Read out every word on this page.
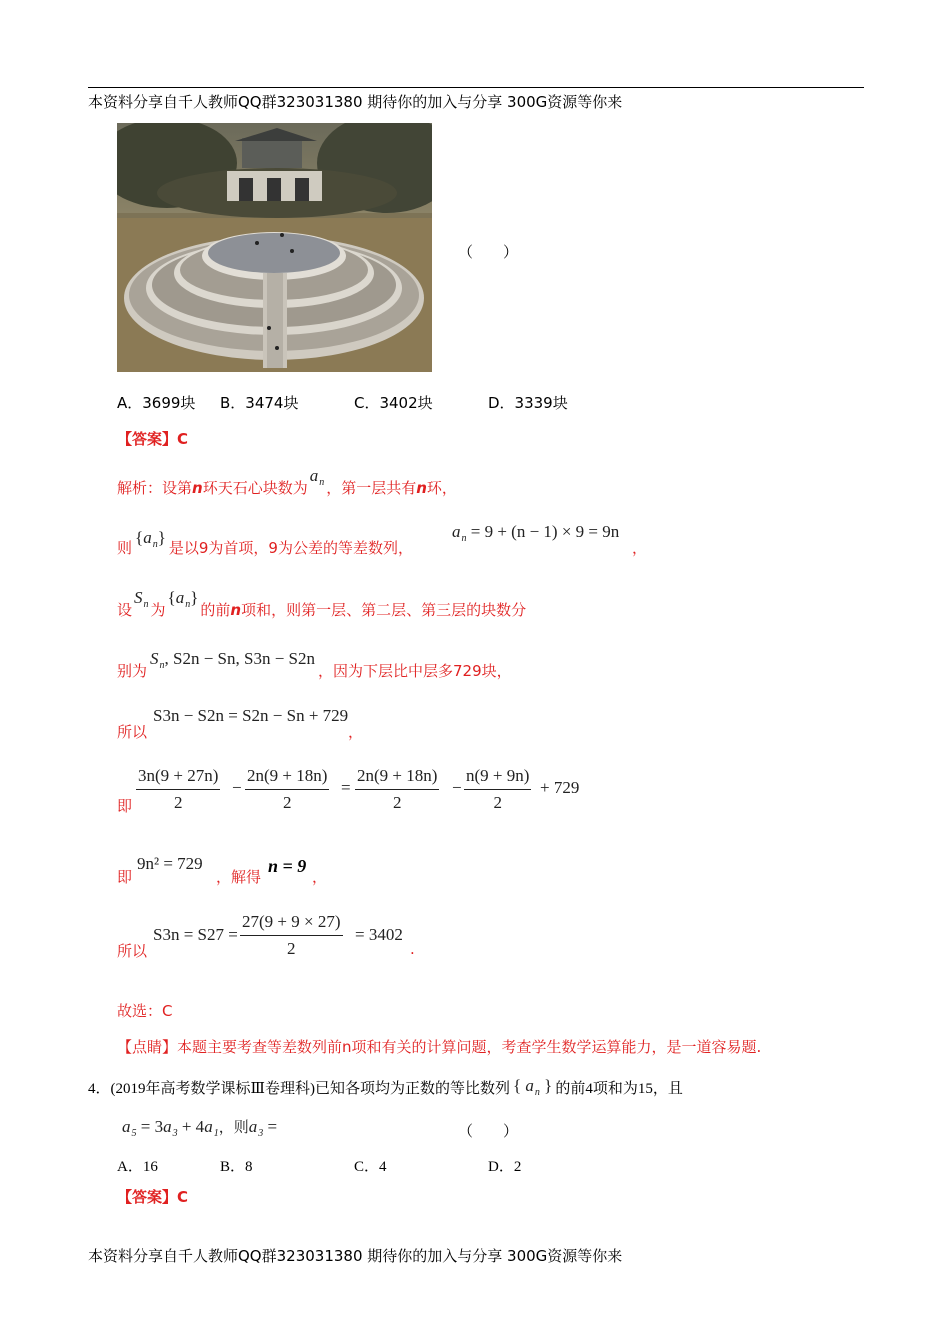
本资料分享自千人教师QQ群323031380 期待你的加入与分享 300G资源等你来
（　　）
A．3699块 B．3474块	C．3402块	D．3339块
【答案】C
解析：设第n环天石心块数为$a_n$ ，第一层共有n环，
则$\{a_n\}$是以9为首项，9为公差的等差数列，
$a_n = 9 + (n - 1) \times 9 = 9n$
，
设$S_n$ 为$\{a_n\}$的前n项和，则第一层、第二层、第三层的块数分
别为$S_n$, S2n − Sn, S3n − S2n，因为下层比中层多729块，
所以
S3n − S2n = S2n − Sn + 729
，
即 $\frac{3n(9 + 27n)}{2} - \frac{2n(9 + 18n)}{2} = \frac{2n(9 + 18n)}{2} - \frac{n(9 + 9n)}{2} + 729$
即
9n² = 729
，解得
n = 9
，
所以
$S3n = S27 = \frac{27(9 + 9 \times 27)}{2} = 3402$
.
故选：C
【点睛】本题主要考查等差数列前n项和有关的计算问题，考查学生数学运算能力，是一道容易题.
4．(2019年高考数学课标Ⅲ卷理科)已知各项均为正数的等比数列 { $a_n$ } 的前4项和为15，且
$a_5 = 3a_3 + 4a_1$，则$a_3$ =	（　　）
A．16	B．8	C．4	D．2
【答案】C
本资料分享自千人教师QQ群323031380 期待你的加入与分享 300G资源等你来
